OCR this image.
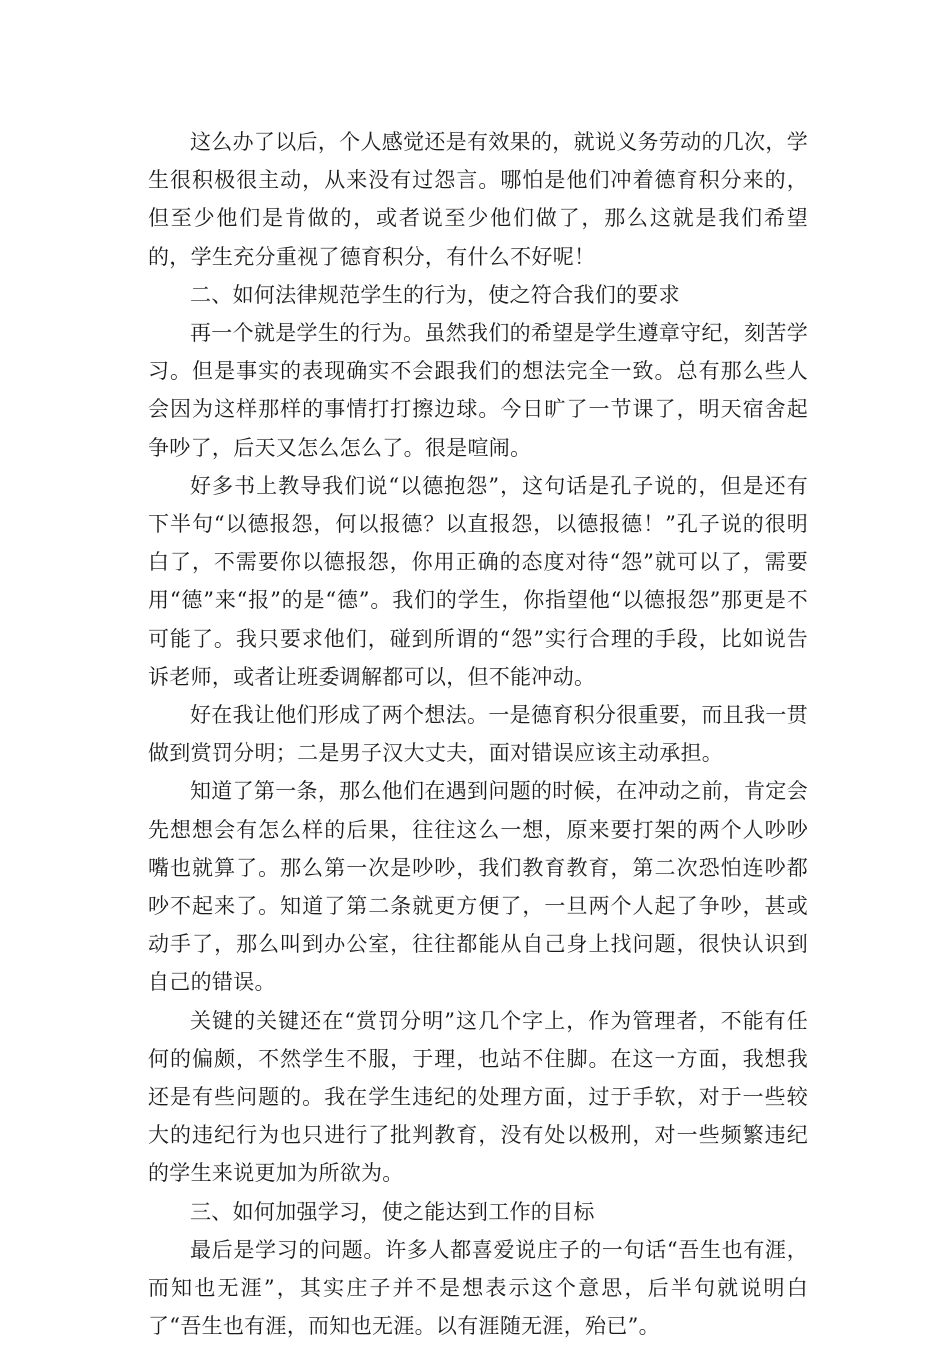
这么办了以后，个人感觉还是有效果的，就说义务劳动的几次，学生很积极很主动，从来没有过怨言。哪怕是他们冲着德育积分来的，但至少他们是肯做的，或者说至少他们做了，那么这就是我们希望的，学生充分重视了德育积分，有什么不好呢！

二、如何法律规范学生的行为，使之符合我们的要求

再一个就是学生的行为。虽然我们的希望是学生遵章守纪，刻苦学习。但是事实的表现确实不会跟我们的想法完全一致。总有那么些人会因为这样那样的事情打打擦边球。今日旷了一节课了，明天宿舍起争吵了，后天又怎么怎么了。很是喧闹。

好多书上教导我们说“以德抱怨”，这句话是孔子说的，但是还有下半句“以德报怨，何以报德？以直报怨，以德报德！”孔子说的很明白了，不需要你以德报怨，你用正确的态度对待“怨”就可以了，需要用“德”来“报”的是“德”。我们的学生，你指望他“以德报怨”那更是不可能了。我只要求他们，碰到所谓的“怨”实行合理的手段，比如说告诉老师，或者让班委调解都可以，但不能冲动。

好在我让他们形成了两个想法。一是德育积分很重要，而且我一贯做到赏罚分明；二是男子汉大丈夫，面对错误应该主动承担。

知道了第一条，那么他们在遇到问题的时候，在冲动之前，肯定会先想想会有怎么样的后果，往往这么一想，原来要打架的两个人吵吵嘴也就算了。那么第一次是吵吵，我们教育教育，第二次恐怕连吵都吵不起来了。知道了第二条就更方便了，一旦两个人起了争吵，甚或动手了，那么叫到办公室，往往都能从自己身上找问题，很快认识到自己的错误。

关键的关键还在“赏罚分明”这几个字上，作为管理者，不能有任何的偏颇，不然学生不服，于理，也站不住脚。在这一方面，我想我还是有些问题的。我在学生违纪的处理方面，过于手软，对于一些较大的违纪行为也只进行了批判教育，没有处以极刑，对一些频繁违纪的学生来说更加为所欲为。

三、如何加强学习，使之能达到工作的目标

最后是学习的问题。许多人都喜爱说庄子的一句话“吾生也有涯，而知也无涯”，其实庄子并不是想表示这个意思，后半句就说明白了“吾生也有涯，而知也无涯。以有涯随无涯，殆已”。
